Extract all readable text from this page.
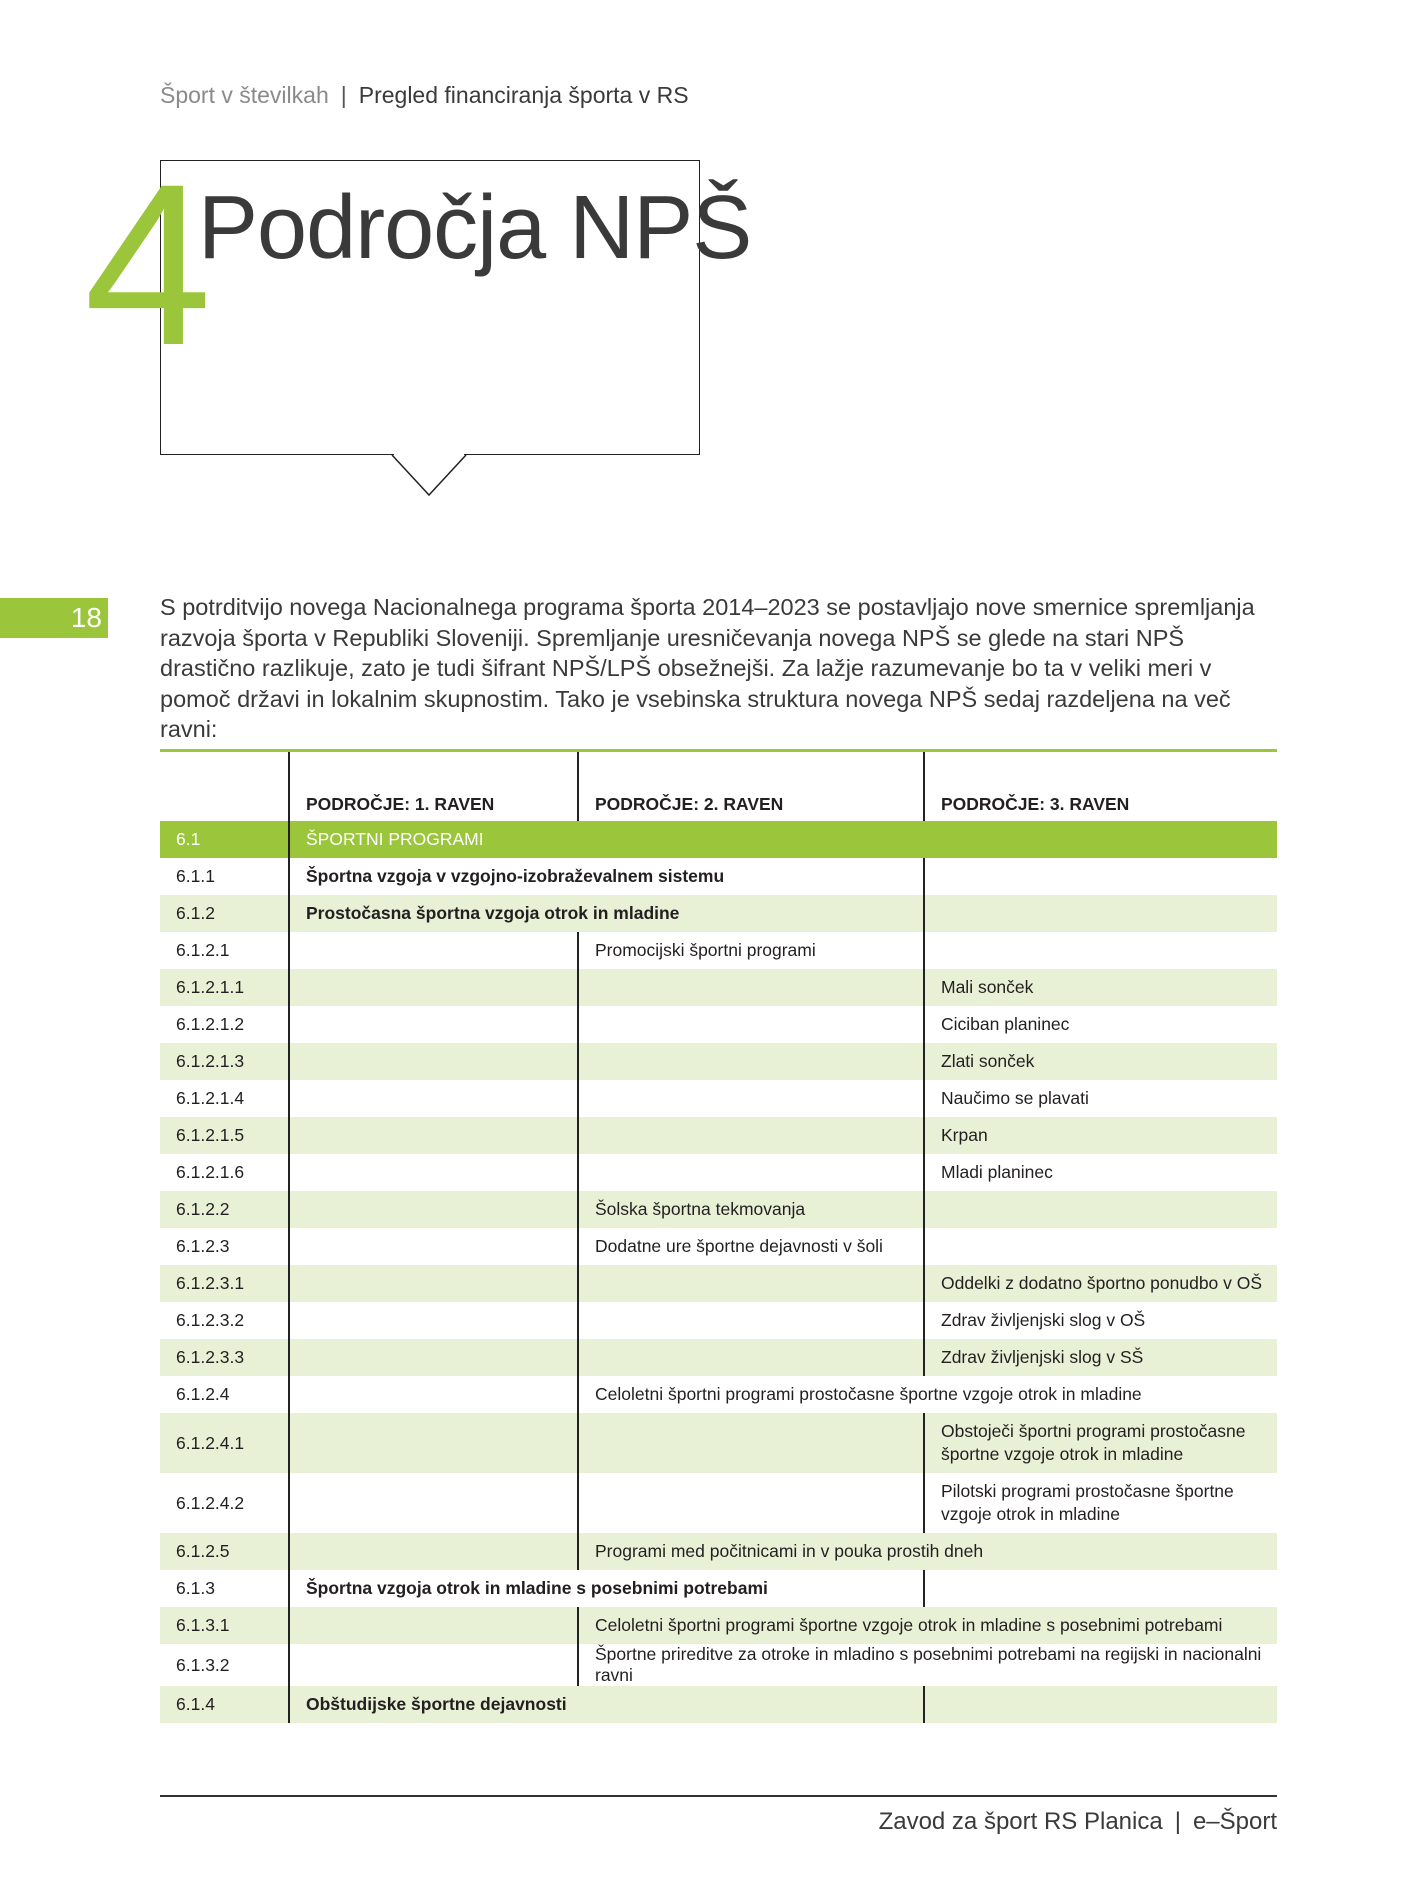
Šport v številkah | Pregled financiranja športa v RS
4
Področja NPŠ
18 S potrditvijo novega Nacionalnega programa športa 2014–2023 se postavljajo nove smernice spremljanja razvoja športa v Republiki Sloveniji. Spremljanje uresničevanja novega NPŠ se glede na stari NPŠ drastično razlikuje, zato je tudi šifrant NPŠ/LPŠ obsežnejši. Za lažje razumevanje bo ta v veliki meri v pomoč državi in lokalnim skupnostim. Tako je vsebinska struktura novega NPŠ sedaj razdeljena na več ravni:
	PODROČJE: 1. RAVEN	PODROČJE: 2. RAVEN	PODROČJE: 3. RAVEN
6.1	ŠPORTNI PROGRAMI		
6.1.1	Športna vzgoja v vzgojno-izobraževalnem sistemu		
6.1.2	Prostočasna športna vzgoja otrok in mladine		
6.1.2.1		Promocijski športni programi	
6.1.2.1.1			Mali sonček
6.1.2.1.2			Ciciban planinec
6.1.2.1.3			Zlati sonček
6.1.2.1.4			Naučimo se plavati
6.1.2.1.5			Krpan
6.1.2.1.6			Mladi planinec
6.1.2.2		Šolska športna tekmovanja	
6.1.2.3		Dodatne ure športne dejavnosti v šoli	
6.1.2.3.1			Oddelki z dodatno športno ponudbo v OŠ
6.1.2.3.2			Zdrav življenjski slog v OŠ
6.1.2.3.3			Zdrav življenjski slog v SŠ
6.1.2.4		Celoletni športni programi prostočasne športne vzgoje otrok in mladine	
6.1.2.4.1			Obstoječi športni programi prostočasne športne vzgoje otrok in mladine
6.1.2.4.2			Pilotski programi prostočasne športne vzgoje otrok in mladine
6.1.2.5		Programi med počitnicami in v pouka prostih dneh	
6.1.3	Športna vzgoja otrok in mladine s posebnimi potrebami		
6.1.3.1		Celoletni športni programi športne vzgoje otrok in mladine s posebnimi potrebami	
6.1.3.2		Športne prireditve za otroke in mladino s posebnimi potrebami na regijski in nacionalni ravni	
6.1.4	Obštudijske športne dejavnosti		
Zavod za šport RS Planica | e–Šport
